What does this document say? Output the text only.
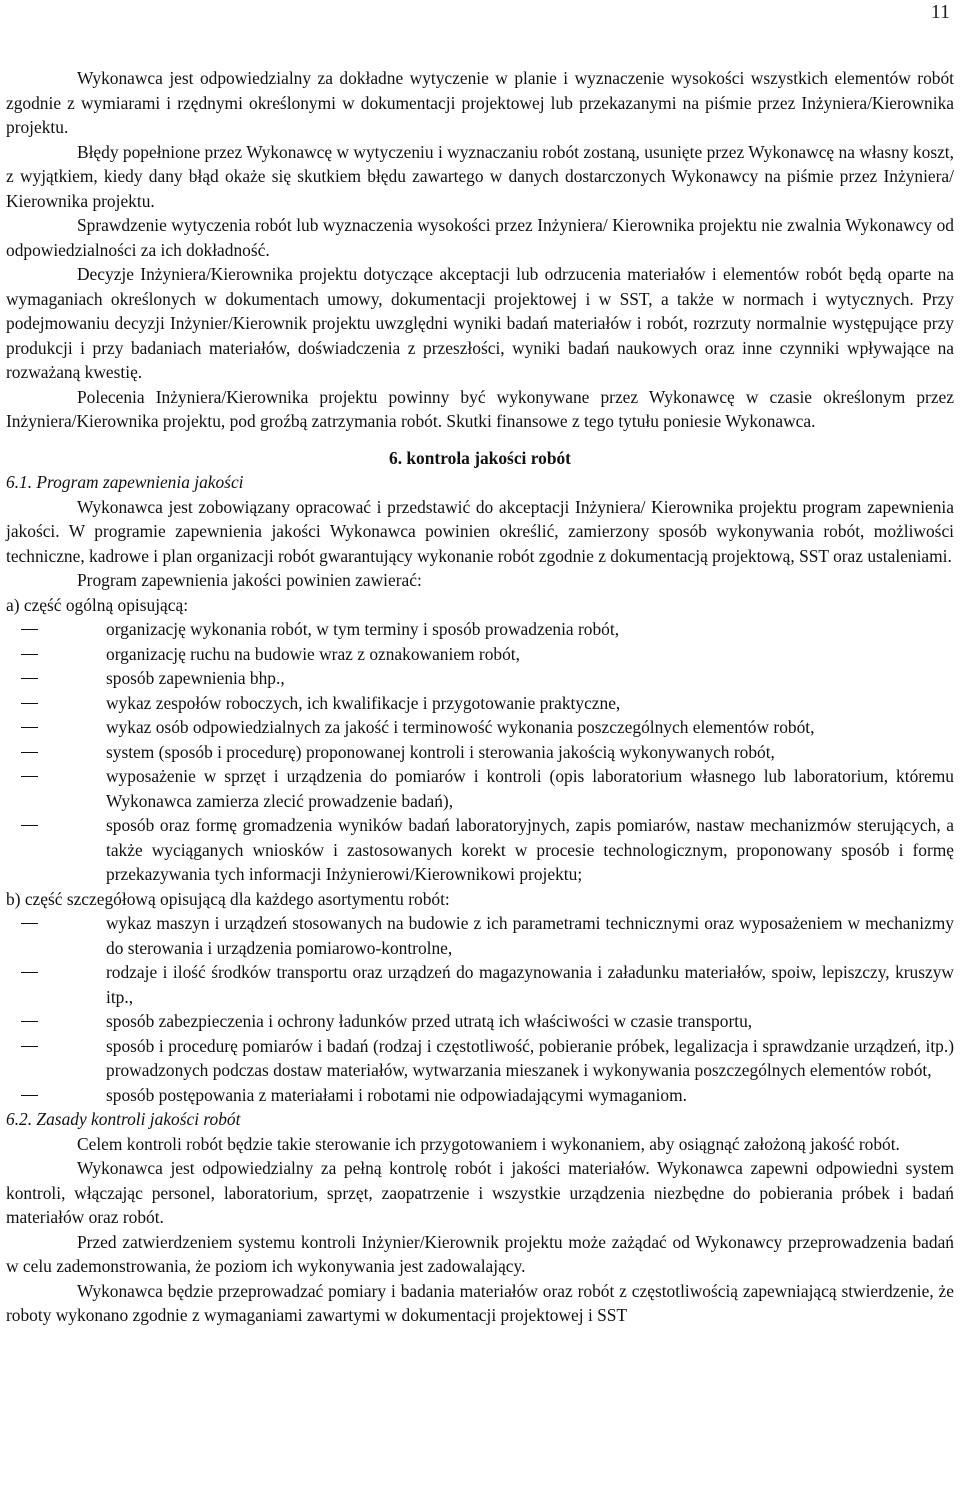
11

Wykonawca jest odpowiedzialny za dokładne wytyczenie w planie i wyznaczenie wysokości wszystkich elementów robót zgodnie z wymiarami i rzędnymi określonymi w dokumentacji projektowej lub przekazanymi na piśmie przez Inżyniera/Kierownika projektu.

Błędy popełnione przez Wykonawcę w wytyczeniu i wyznaczaniu robót zostaną, usunięte przez Wykonawcę na własny koszt, z wyjątkiem, kiedy dany błąd okaże się skutkiem błędu zawartego w danych dostarczonych Wykonawcy na piśmie przez Inżyniera/ Kierownika projektu.

Sprawdzenie wytyczenia robót lub wyznaczenia wysokości przez Inżyniera/ Kierownika projektu nie zwalnia Wykonawcy od odpowiedzialności za ich dokładność.

Decyzje Inżyniera/Kierownika projektu dotyczące akceptacji lub odrzucenia materiałów i elementów robót będą oparte na wymaganiach określonych w dokumentach umowy, dokumentacji projektowej i w SST, a także w normach i wytycznych. Przy podejmowaniu decyzji Inżynier/Kierownik projektu uwzględni wyniki badań materiałów i robót, rozrzuty normalnie występujące przy produkcji i przy badaniach materiałów, doświadczenia z przeszłości, wyniki badań naukowych oraz inne czynniki wpływające na rozważaną kwestię.

Polecenia Inżyniera/Kierownika projektu powinny być wykonywane przez Wykonawcę w czasie określonym przez Inżyniera/Kierownika projektu, pod groźbą zatrzymania robót. Skutki finansowe z tego tytułu poniesie Wykonawca.

6. kontrola jakości robót

6.1. Program zapewnienia jakości

Wykonawca jest zobowiązany opracować i przedstawić do akceptacji Inżyniera/ Kierownika projektu program zapewnienia jakości. W programie zapewnienia jakości Wykonawca powinien określić, zamierzony sposób wykonywania robót, możliwości techniczne, kadrowe i plan organizacji robót gwarantujący wykonanie robót zgodnie z dokumentacją projektową, SST oraz ustaleniami.

Program zapewnienia jakości powinien zawierać:

a) część ogólną opisującą:

organizację wykonania robót, w tym terminy i sposób prowadzenia robót,
organizację ruchu na budowie wraz z oznakowaniem robót,
sposób zapewnienia bhp.,
wykaz zespołów roboczych, ich kwalifikacje i przygotowanie praktyczne,
wykaz osób odpowiedzialnych za jakość i terminowość wykonania poszczególnych elementów robót,
system (sposób i procedurę) proponowanej kontroli i sterowania jakością wykonywanych robót,
wyposażenie w sprzęt i urządzenia do pomiarów i kontroli (opis laboratorium własnego lub laboratorium, któremu Wykonawca zamierza zlecić prowadzenie badań),
sposób oraz formę gromadzenia wyników badań laboratoryjnych, zapis pomiarów, nastaw mechanizmów sterujących, a także wyciąganych wniosków i zastosowanych korekt w procesie technologicznym, proponowany sposób i formę przekazywania tych informacji Inżynierowi/Kierownikowi projektu;

b) część szczegółową opisującą dla każdego asortymentu robót:

wykaz maszyn i urządzeń stosowanych na budowie z ich parametrami technicznymi oraz wyposażeniem w mechanizmy do sterowania i urządzenia pomiarowo-kontrolne,
rodzaje i ilość środków transportu oraz urządzeń do magazynowania i załadunku materiałów, spoiw, lepiszczy, kruszyw itp.,
sposób zabezpieczenia i ochrony ładunków przed utratą ich właściwości w czasie transportu,
sposób i procedurę pomiarów i badań (rodzaj i częstotliwość, pobieranie próbek, legalizacja i sprawdzanie urządzeń, itp.) prowadzonych podczas dostaw materiałów, wytwarzania mieszanek i wykonywania poszczególnych elementów robót,
sposób postępowania z materiałami i robotami nie odpowiadającymi wymaganiom.

6.2. Zasady kontroli jakości robót

Celem kontroli robót będzie takie sterowanie ich przygotowaniem i wykonaniem, aby osiągnąć założoną jakość robót.

Wykonawca jest odpowiedzialny za pełną kontrolę robót i jakości materiałów. Wykonawca zapewni odpowiedni system kontroli, włączając personel, laboratorium, sprzęt, zaopatrzenie i wszystkie urządzenia niezbędne do pobierania próbek i badań materiałów oraz robót.

Przed zatwierdzeniem systemu kontroli Inżynier/Kierownik projektu może zażądać od Wykonawcy przeprowadzenia badań w celu zademonstrowania, że poziom ich wykonywania jest zadowalający.

Wykonawca będzie przeprowadzać pomiary i badania materiałów oraz robót z częstotliwością zapewniającą stwierdzenie, że roboty wykonano zgodnie z wymaganiami zawartymi w dokumentacji projektowej i SST
